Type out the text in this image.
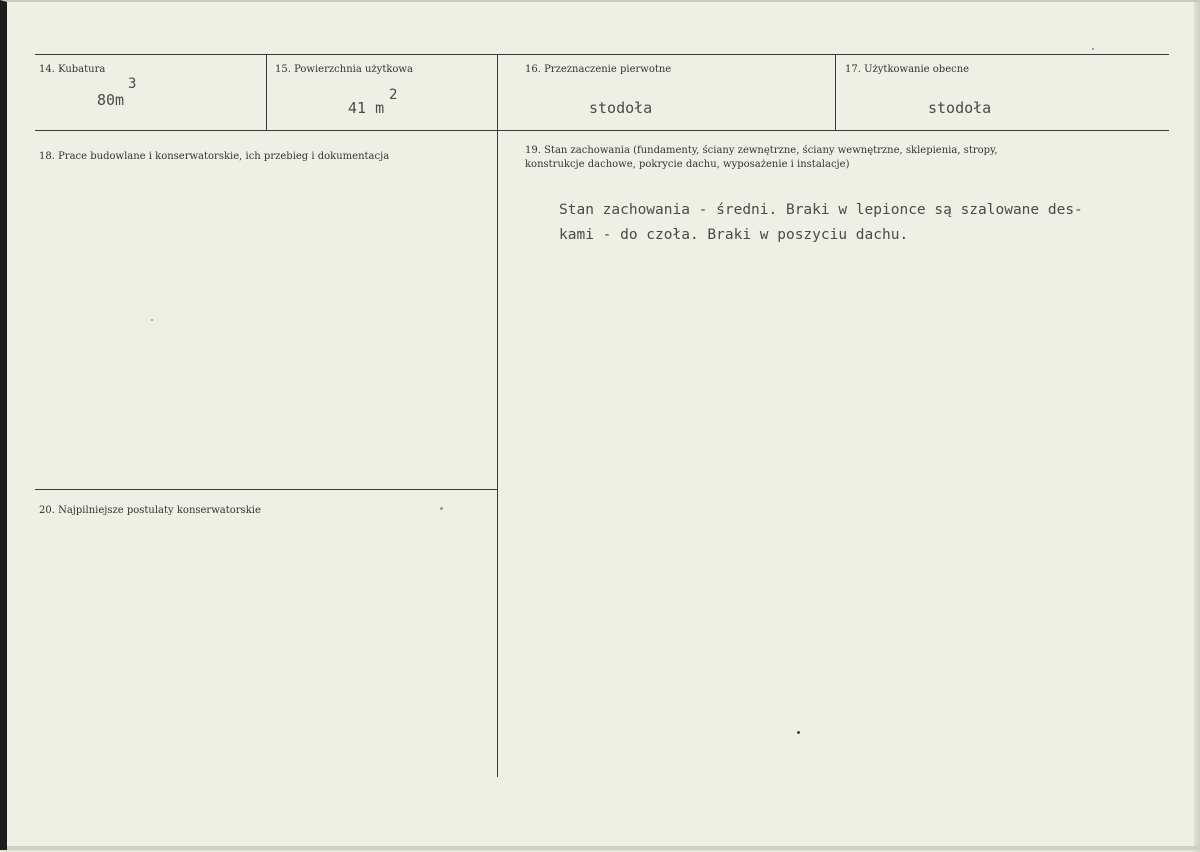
14. Kubatura
80m
3
15. Powierzchnia użytkowa
41 m
2
16. Przeznaczenie pierwotne
stodoła
17. Użytkowanie obecne
stodoła
18. Prace budowlane i konserwatorskie, ich przebieg i dokumentacja
19. Stan zachowania (fundamenty, ściany zewnętrzne, ściany wewnętrzne, sklepienia, stropy,
konstrukcje dachowe, pokrycie dachu, wyposażenie i instalacje)
Stan zachowania - średni. Braki w lepionce są szalowane des-
kami - do czoła. Braki w poszyciu dachu.
20. Najpilniejsze postulaty konserwatorskie
